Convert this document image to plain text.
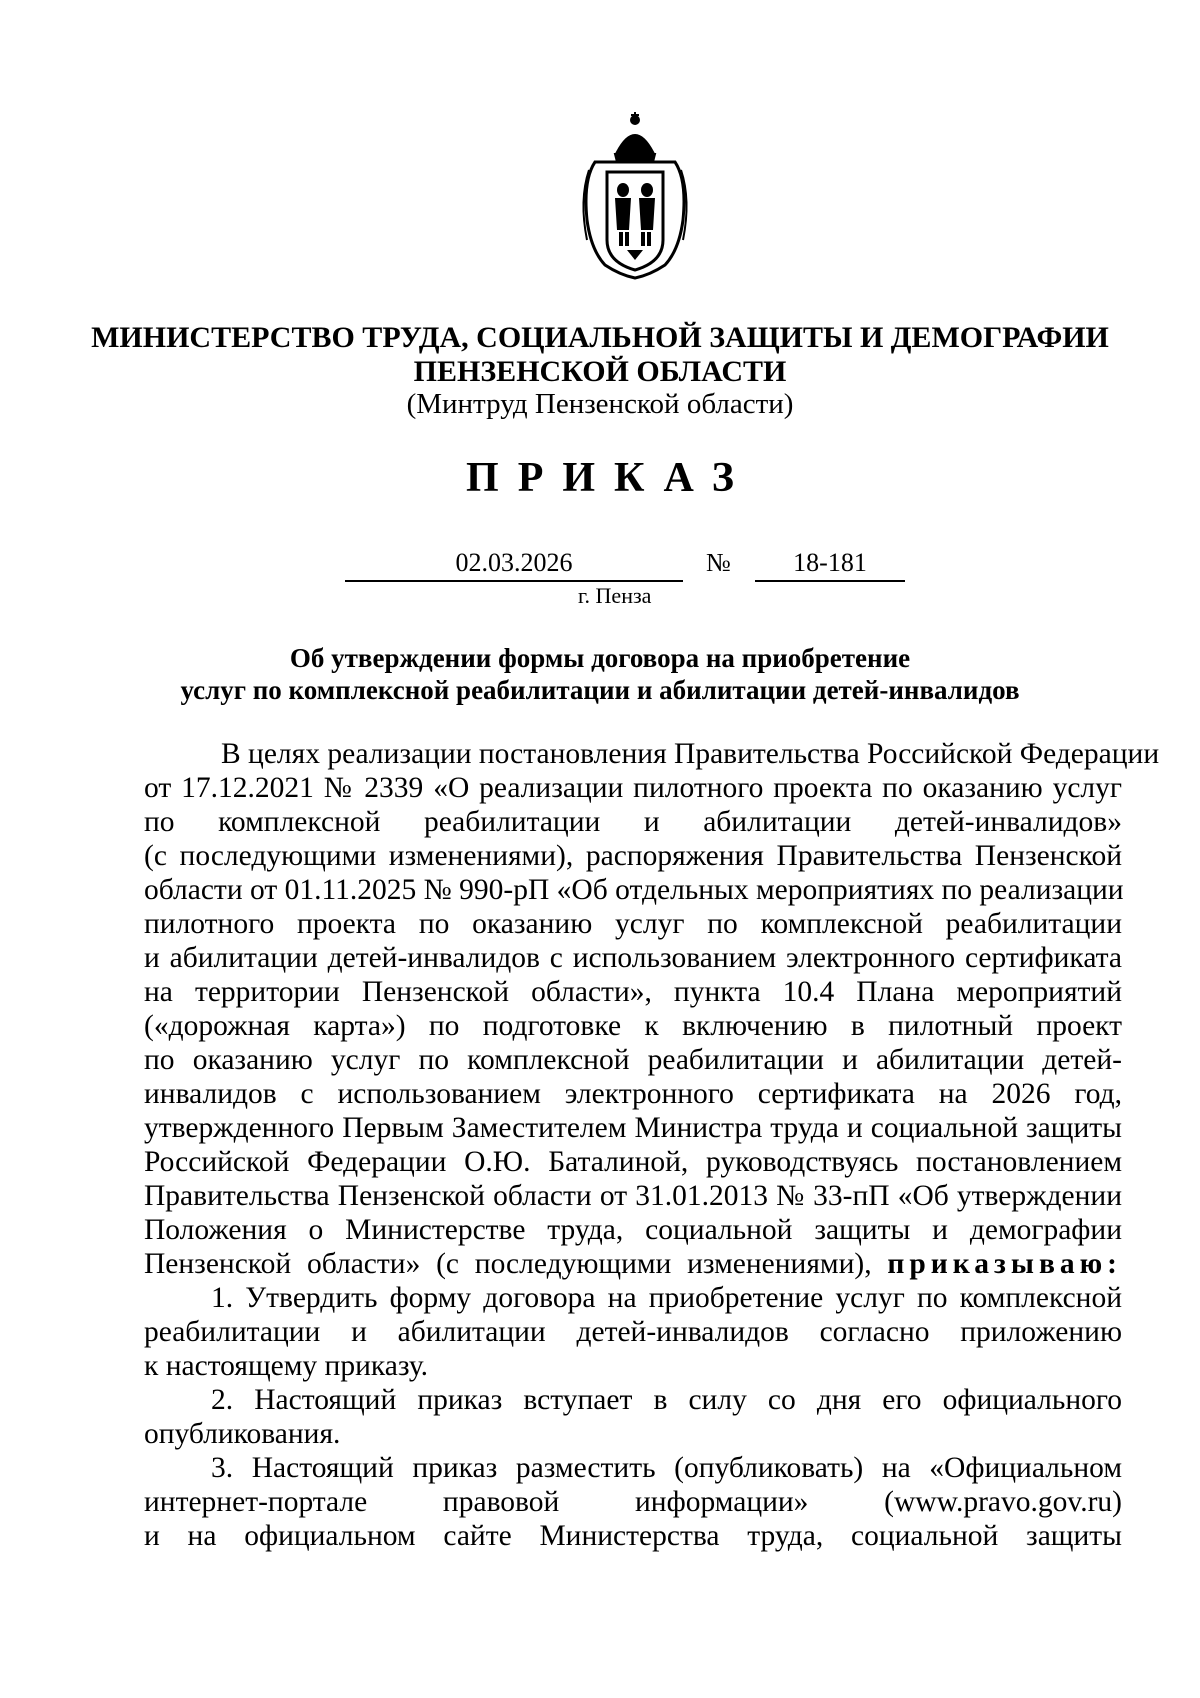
МИНИСТЕРСТВО ТРУДА, СОЦИАЛЬНОЙ ЗАЩИТЫ И ДЕМОГРАФИИ
ПЕНЗЕНСКОЙ ОБЛАСТИ
(Минтруд Пензенской области)
ПРИКАЗ
02.03.2026	№	18-181
г. Пенза
Об утверждении формы договора на приобретение
услуг по комплексной реабилитации и абилитации детей-инвалидов
В целях реализации постановления Правительства Российской Федерации
от 17.12.2021 № 2339 «О реализации пилотного проекта по оказанию услуг
по комплексной реабилитации и абилитации детей-инвалидов»
(с последующими изменениями), распоряжения Правительства Пензенской
области от 01.11.2025 № 990-рП «Об отдельных мероприятиях по реализации
пилотного проекта по оказанию услуг по комплексной реабилитации
и абилитации детей-инвалидов с использованием электронного сертификата
на территории Пензенской области», пункта 10.4 Плана мероприятий
(«дорожная карта») по подготовке к включению в пилотный проект
по оказанию услуг по комплексной реабилитации и абилитации детей-
инвалидов с использованием электронного сертификата на 2026 год,
утвержденного Первым Заместителем Министра труда и социальной защиты
Российской Федерации О.Ю. Баталиной, руководствуясь постановлением
Правительства Пензенской области от 31.01.2013 № 33-пП «Об утверждении
Положения о Министерстве труда, социальной защиты и демографии
Пензенской области» (с последующими изменениями), приказываю:
1. Утвердить форму договора на приобретение услуг по комплексной
реабилитации и абилитации детей-инвалидов согласно приложению
к настоящему приказу.
2. Настоящий приказ вступает в силу со дня его официального
опубликования.
3. Настоящий приказ разместить (опубликовать) на «Официальном
интернет-портале правовой информации» (www.pravo.gov.ru)
и на официальном сайте Министерства труда, социальной защиты
